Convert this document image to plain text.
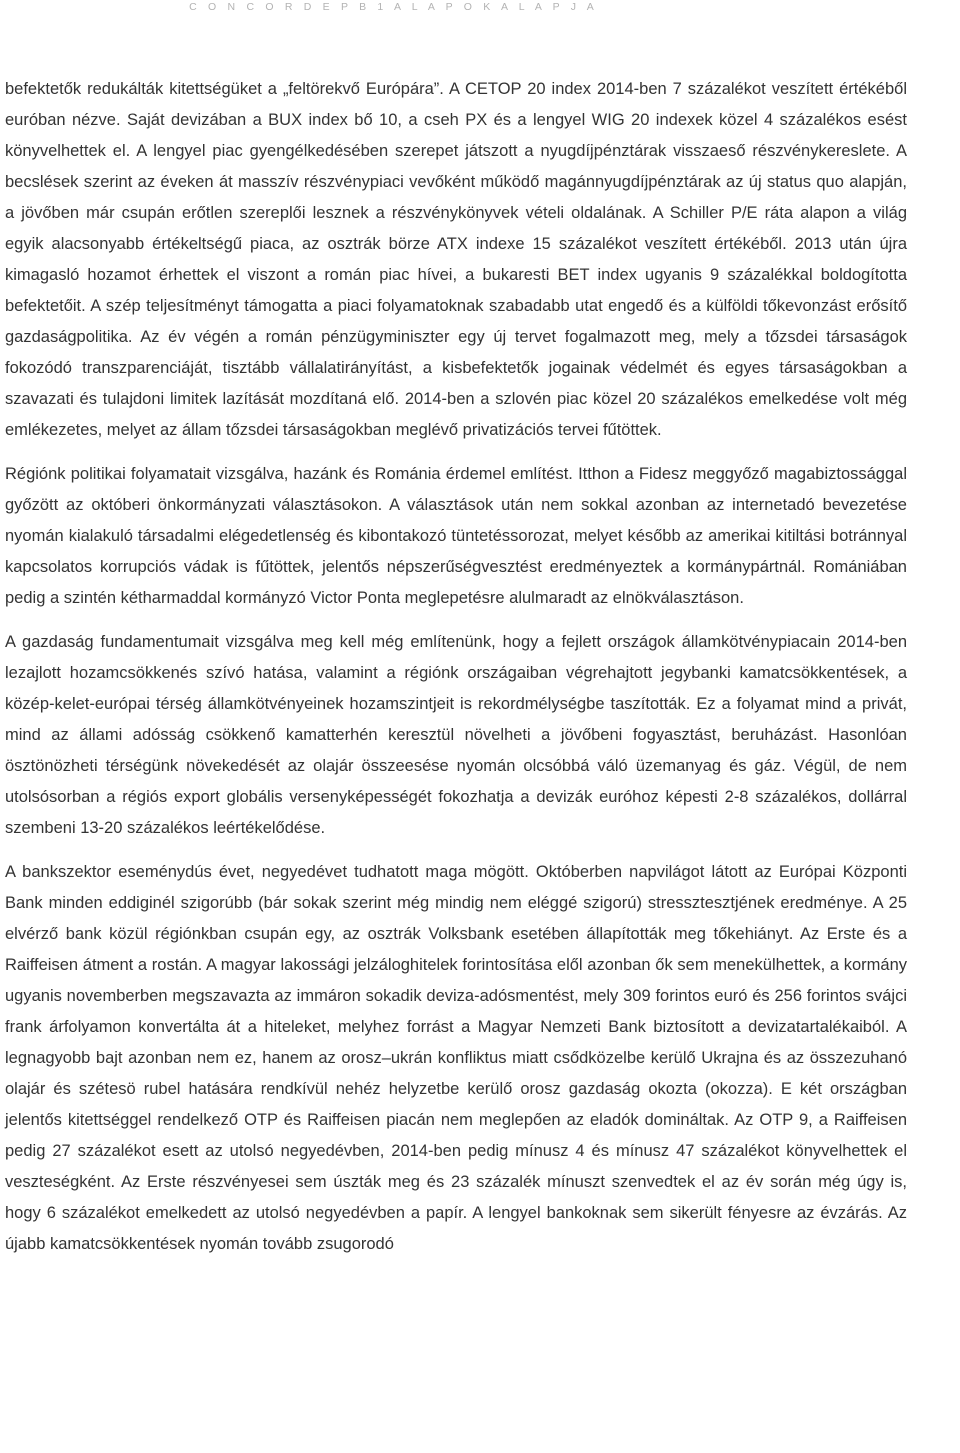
C O N C O R D E P B 1 A L A P O K A L A P J A

befektetők redukálták kitettségüket a „feltörekvő Európára”. A CETOP 20 index 2014-ben 7 százalékot veszített értékéből euróban nézve. Saját devizában a BUX index bő 10, a cseh PX és a lengyel WIG 20 indexek közel 4 százalékos esést könyvelhettek el. A lengyel piac gyengélkedésében szerepet játszott a nyugdíjpénztárak visszaeső részvénykereslete. A becslések szerint az éveken át masszív részvénypiaci vevőként működő magánnyugdíjpénztárak az új status quo alapján, a jövőben már csupán erőtlen szereplői lesznek a részvénykönyvek vételi oldalának. A Schiller P/E ráta alapon a világ egyik alacsonyabb értékeltségű piaca, az osztrák börze ATX indexe 15 százalékot veszített értékéből. 2013 után újra kimagasló hozamot érhettek el viszont a román piac hívei, a bukaresti BET index ugyanis 9 százalékkal boldogította befektetőit. A szép teljesítményt támogatta a piaci folyamatoknak szabadabb utat engedő és a külföldi tőkevonzást erősítő gazdaságpolitika. Az év végén a román pénzügyminiszter egy új tervet fogalmazott meg, mely a tőzsdei társaságok fokozódó transzparenciáját, tisztább vállalatirányítást, a kisbefektetők jogainak védelmét és egyes társaságokban a szavazati és tulajdoni limitek lazítását mozdítaná elő. 2014-ben a szlovén piac közel 20 százalékos emelkedése volt még emlékezetes, melyet az állam tőzsdei társaságokban meglévő privatizációs tervei fűtöttek.

Régiónk politikai folyamatait vizsgálva, hazánk és Románia érdemel említést. Itthon a Fidesz meggyőző magabiztossággal győzött az októberi önkormányzati választásokon. A választások után nem sokkal azonban az internetadó bevezetése nyomán kialakuló társadalmi elégedetlenség és kibontakozó tüntetéssorozat, melyet később az amerikai kitiltási botránnyal kapcsolatos korrupciós vádak is fűtöttek, jelentős népszerűségvesztést eredményeztek a kormánypártnál. Romániában pedig a szintén kétharmaddal kormányzó Victor Ponta meglepetésre alulmaradt az elnökválasztáson.

A gazdaság fundamentumait vizsgálva meg kell még említenünk, hogy a fejlett országok államkötvénypiacain 2014-ben lezajlott hozamcsökkenés szívó hatása, valamint a régiónk országaiban végrehajtott jegybanki kamatcsökkentések, a közép-kelet-európai térség államkötvényeinek hozamszintjeit is rekordmélységbe taszították. Ez a folyamat mind a privát, mind az állami adósság csökkenő kamatterhén keresztül növelheti a jövőbeni fogyasztást, beruházást. Hasonlóan ösztönözheti térségünk növekedését az olajár összeesése nyomán olcsóbbá váló üzemanyag és gáz. Végül, de nem utolsósorban a régiós export globális versenyképességét fokozhatja a devizák euróhoz képesti 2-8 százalékos, dollárral szembeni 13-20 százalékos leértékelődése.

A bankszektor eseménydús évet, negyedévet tudhatott maga mögött. Októberben napvilágot látott az Európai Központi Bank minden eddiginél szigorúbb (bár sokak szerint még mindig nem eléggé szigorú) stressztesztjének eredménye. A 25 elvérző bank közül régiónkban csupán egy, az osztrák Volksbank esetében állapították meg tőkehiányt. Az Erste és a Raiffeisen átment a rostán. A magyar lakossági jelzáloghitelek forintosítása elől azonban ők sem menekülhettek, a kormány ugyanis novemberben megszavazta az immáron sokadik deviza-adósmentést, mely 309 forintos euró és 256 forintos svájci frank árfolyamon konvertálta át a hiteleket, melyhez forrást a Magyar Nemzeti Bank biztosított a devizatartalékaiból. A legnagyobb bajt azonban nem ez, hanem az orosz–ukrán konfliktus miatt csődközelbe kerülő Ukrajna és az összezuhanó olajár és szétesö rubel hatására rendkívül nehéz helyzetbe kerülő orosz gazdaság okozta (okozza). E két országban jelentős kitettséggel rendelkező OTP és Raiffeisen piacán nem meglepően az eladók domináltak. Az OTP 9, a Raiffeisen pedig 27 százalékot esett az utolsó negyedévben, 2014-ben pedig mínusz 4 és mínusz 47 százalékot könyvelhettek el veszteségként. Az Erste részvényesei sem úszták meg és 23 százalék mínuszt szenvedtek el az év során még úgy is, hogy 6 százalékot emelkedett az utolsó negyedévben a papír. A lengyel bankoknak sem sikerült fényesre az évzárás. Az újabb kamatcsökkentések nyomán tovább zsugorodó
